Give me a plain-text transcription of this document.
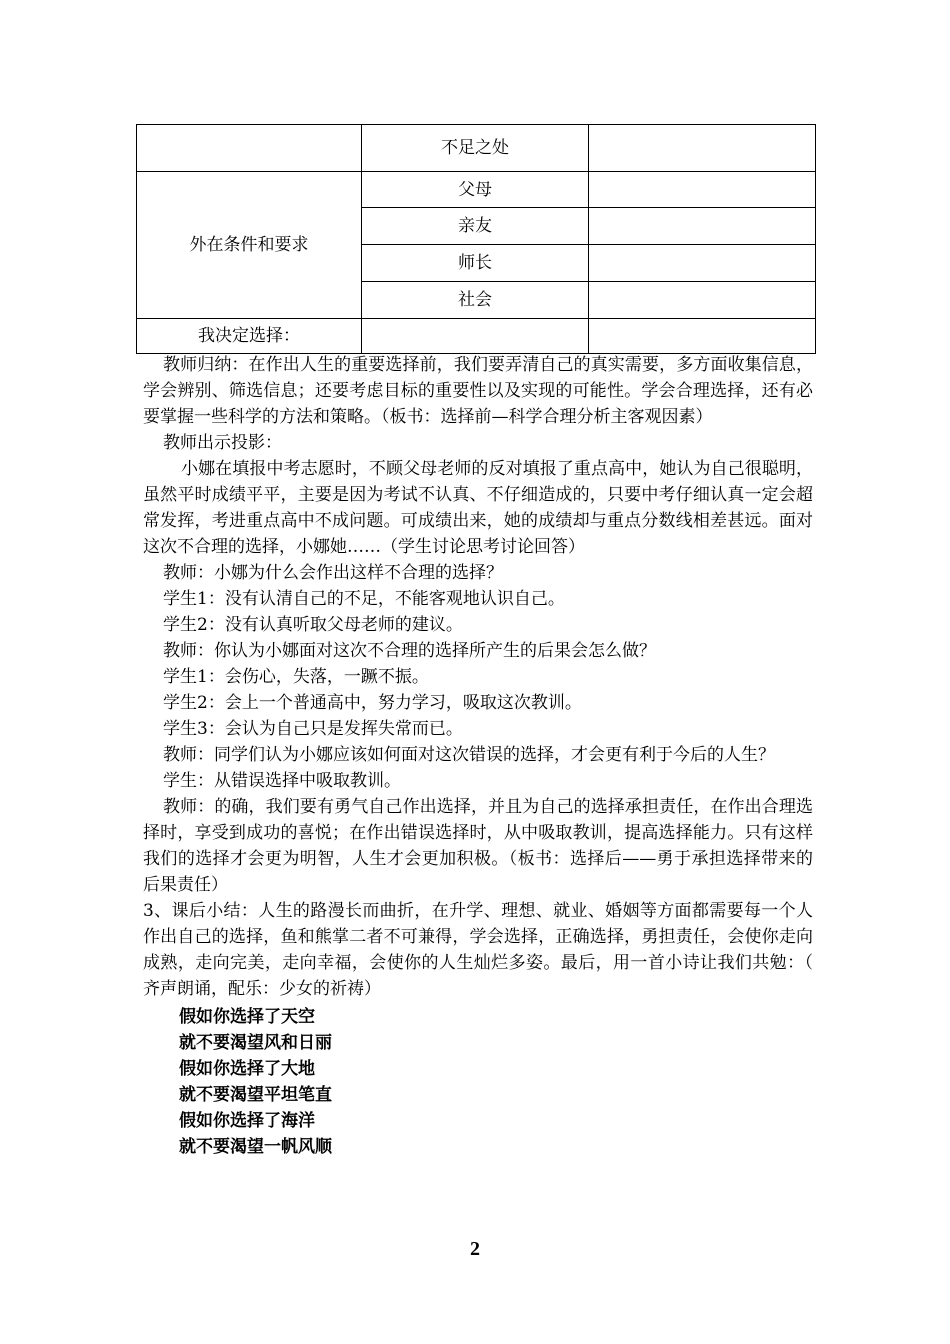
	不足之处	
外在条件和要求	父母	
	亲友	
	师长	
	社会	
我决定选择：		

教师归纳：在作出人生的重要选择前，我们要弄清自己的真实需要，多方面收集信息，学会辨别、筛选信息；还要考虑目标的重要性以及实现的可能性。学会合理选择，还有必要掌握一些科学的方法和策略。（板书：选择前—科学合理分析主客观因素）

教师出示投影：

小娜在填报中考志愿时，不顾父母老师的反对填报了重点高中，她认为自己很聪明，虽然平时成绩平平，主要是因为考试不认真、不仔细造成的，只要中考仔细认真一定会超常发挥，考进重点高中不成问题。可成绩出来，她的成绩却与重点分数线相差甚远。面对这次不合理的选择，小娜她……（学生讨论思考讨论回答）

教师：小娜为什么会作出这样不合理的选择？

学生1：没有认清自己的不足，不能客观地认识自己。

学生2：没有认真听取父母老师的建议。

教师：你认为小娜面对这次不合理的选择所产生的后果会怎么做？

学生1：会伤心，失落，一蹶不振。

学生2：会上一个普通高中，努力学习，吸取这次教训。

学生3：会认为自己只是发挥失常而已。

教师：同学们认为小娜应该如何面对这次错误的选择，才会更有利于今后的人生？

学生：从错误选择中吸取教训。

教师：的确，我们要有勇气自己作出选择，并且为自己的选择承担责任，在作出合理选择时，享受到成功的喜悦；在作出错误选择时，从中吸取教训，提高选择能力。只有这样我们的选择才会更为明智，人生才会更加积极。（板书：选择后——勇于承担选择带来的后果责任）

3、课后小结：人生的路漫长而曲折，在升学、理想、就业、婚姻等方面都需要每一个人作出自己的选择，鱼和熊掌二者不可兼得，学会选择，正确选择，勇担责任，会使你走向成熟，走向完美，走向幸福，会使你的人生灿烂多姿。最后，用一首小诗让我们共勉：（　齐声朗诵，配乐：少女的祈祷）

假如你选择了天空

就不要渴望风和日丽

假如你选择了大地

就不要渴望平坦笔直

假如你选择了海洋

就不要渴望一帆风顺

2
